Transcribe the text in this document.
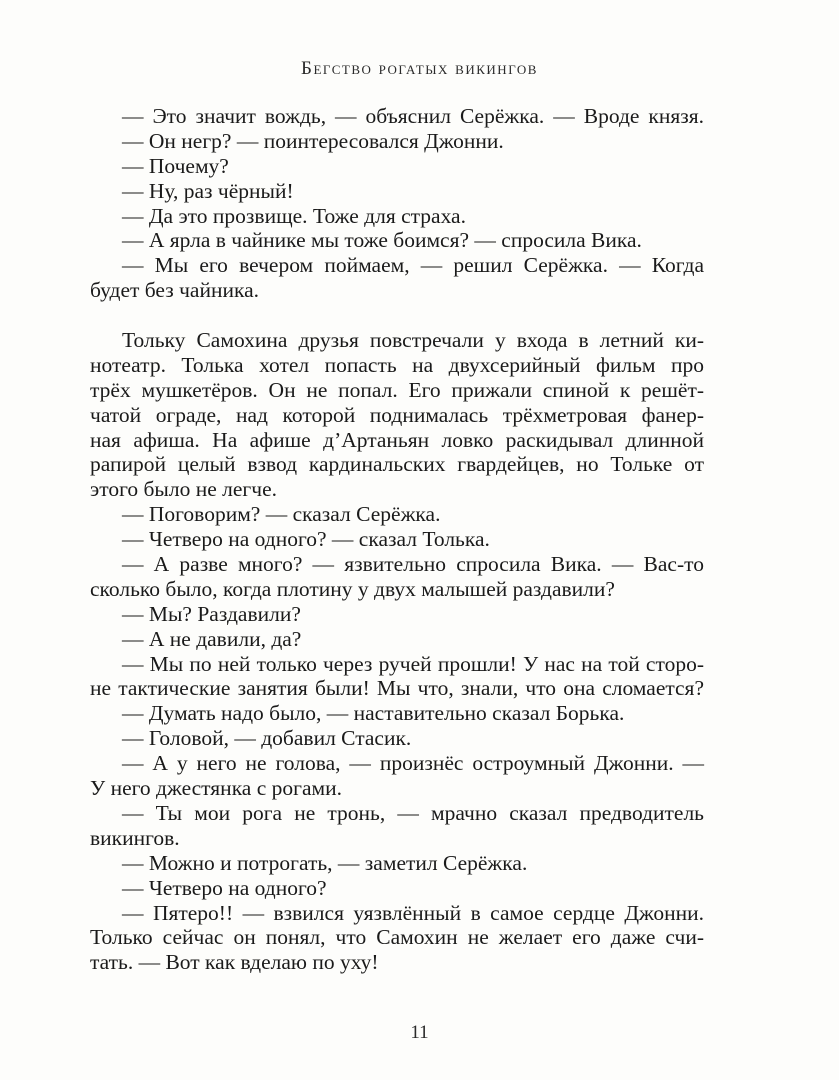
Бегство рогатых викингов
— Это значит вождь, — объяснил Серёжка. — Вроде князя.
— Он негр? — поинтересовался Джонни.
— Почему?
— Ну, раз чёрный!
— Да это прозвище. Тоже для страха.
— А ярла в чайнике мы тоже боимся? — спросила Вика.
— Мы его вечером поймаем, — решил Серёжка. — Когда
будет без чайника.
Тольку Самохина друзья повстречали у входа в летний ки-
нотеатр. Толька хотел попасть на двухсерийный фильм про
трёх мушкетёров. Он не попал. Его прижали спиной к решёт-
чатой ограде, над которой поднималась трёхметровая фанер-
ная афиша. На афише д’Артаньян ловко раскидывал длинной
рапирой целый взвод кардинальских гвардейцев, но Тольке от
этого было не легче.
— Поговорим? — сказал Серёжка.
— Четверо на одного? — сказал Толька.
— А разве много? — язвительно спросила Вика. — Вас-то
сколько было, когда плотину у двух малышей раздавили?
— Мы? Раздавили?
— А не давили, да?
— Мы по ней только через ручей прошли! У нас на той сторо-
не тактические занятия были! Мы что, знали, что она сломается?
— Думать надо было, — наставительно сказал Борька.
— Головой, — добавил Стасик.
— А у него не голова, — произнёс остроумный Джонни. —
У него джестянка с рогами.
— Ты мои рога не тронь, — мрачно сказал предводитель
викингов.
— Можно и потрогать, — заметил Серёжка.
— Четверо на одного?
— Пятеро!! — взвился уязвлённый в самое сердце Джонни.
Только сейчас он понял, что Самохин не желает его даже счи-
тать. — Вот как вделаю по уху!
11
